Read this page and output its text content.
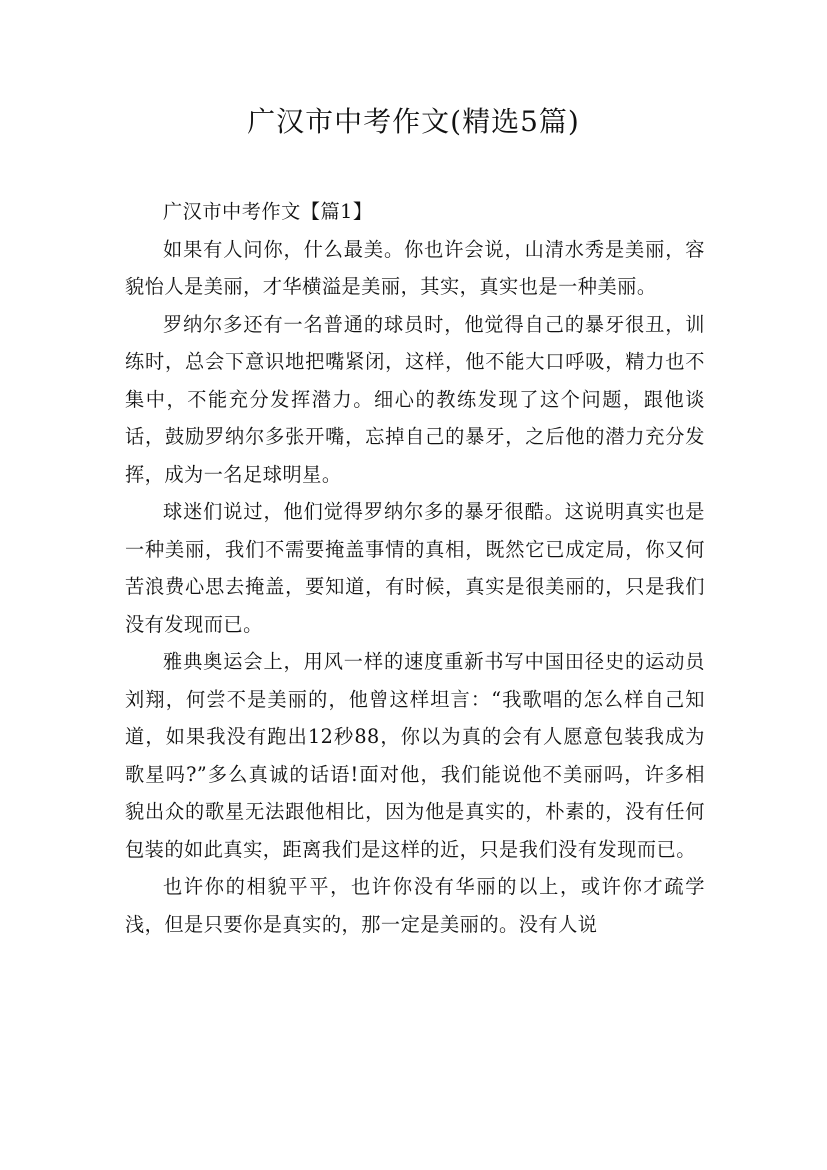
广汉市中考作文(精选5篇)

广汉市中考作文【篇1】

如果有人问你，什么最美。你也许会说，山清水秀是美丽，容貌怡人是美丽，才华横溢是美丽，其实，真实也是一种美丽。

罗纳尔多还有一名普通的球员时，他觉得自己的暴牙很丑，训练时，总会下意识地把嘴紧闭，这样，他不能大口呼吸，精力也不集中，不能充分发挥潜力。细心的教练发现了这个问题，跟他谈话，鼓励罗纳尔多张开嘴，忘掉自己的暴牙，之后他的潜力充分发挥，成为一名足球明星。

球迷们说过，他们觉得罗纳尔多的暴牙很酷。这说明真实也是一种美丽，我们不需要掩盖事情的真相，既然它已成定局，你又何苦浪费心思去掩盖，要知道，有时候，真实是很美丽的，只是我们没有发现而已。

雅典奥运会上，用风一样的速度重新书写中国田径史的运动员刘翔，何尝不是美丽的，他曾这样坦言：“我歌唱的怎么样自己知道，如果我没有跑出12秒88，你以为真的会有人愿意包装我成为歌星吗?”多么真诚的话语!面对他，我们能说他不美丽吗，许多相貌出众的歌星无法跟他相比，因为他是真实的，朴素的，没有任何包装的如此真实，距离我们是这样的近，只是我们没有发现而已。

也许你的相貌平平，也许你没有华丽的以上，或许你才疏学浅，但是只要你是真实的，那一定是美丽的。没有人说
